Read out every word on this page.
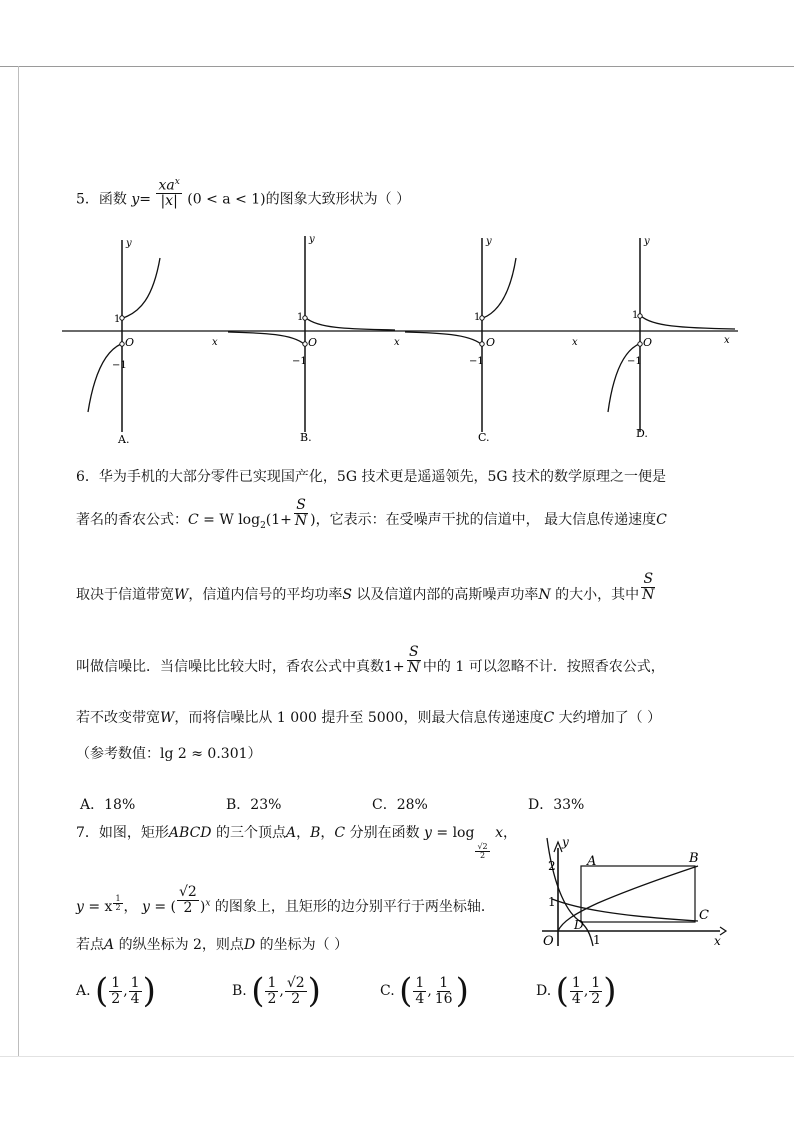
5．函数 $y= \frac{xa^x}{|x|} (0 < a < 1)$的图象大致形状为（ ）
y
1
−1
O	x
A.
y
1
−1
O	x
B.
y
1
−1
O	x
C.
y
1
−1
O	x
D.
6．华为手机的大部分零件已实现国产化，5G 技术更是遥遥领先，5G 技术的数学原理之一便是
著名的香农公式：C = W $\log_2(1+ \frac{S}{N}$ )，它表示：在受噪声干扰的信道中， 最大信息传递速度C
取决于信道带宽W，信道内信号的平均功率S 以及信道内部的高斯噪声功率N 的大小，其中 $\frac{S}{N}$
叫做信噪比．当信噪比比较大时，香农公式中真数$1+ \frac{S}{N}$ 中的 1 可以忽略不计．按照香农公式，
若不改变带宽W，而将信噪比从 1 000 提升至 5000，则最大信息传递速度C 大约增加了（ ）
（参考数值：lg 2 ≈ 0.301）
A．18%	B．23%	C．28%	D．33%
7．如图，矩形ABCD 的三个顶点A，B，C 分别在函数 y = log
$\frac{√2}{2}$
x，
y = x $\frac{1}{2}$ ， y = ( $\frac{√2}{2} )^x$ 的图象上，且矩形的边分别平行于两坐标轴．
若点A 的纵坐标为 2，则点D 的坐标为（ ）
A	B
C
D
O	x
y
2
1
1
A. ( $\frac{1}{2}$ , $\frac{1}{4}$ )	B. ( $\frac{1}{2}$ , $\frac{√2}{2}$ )	C. ( $\frac{1}{4}$ , $\frac{1}{16}$ )	D. ( $\frac{1}{4}$ , $\frac{1}{2}$ )
